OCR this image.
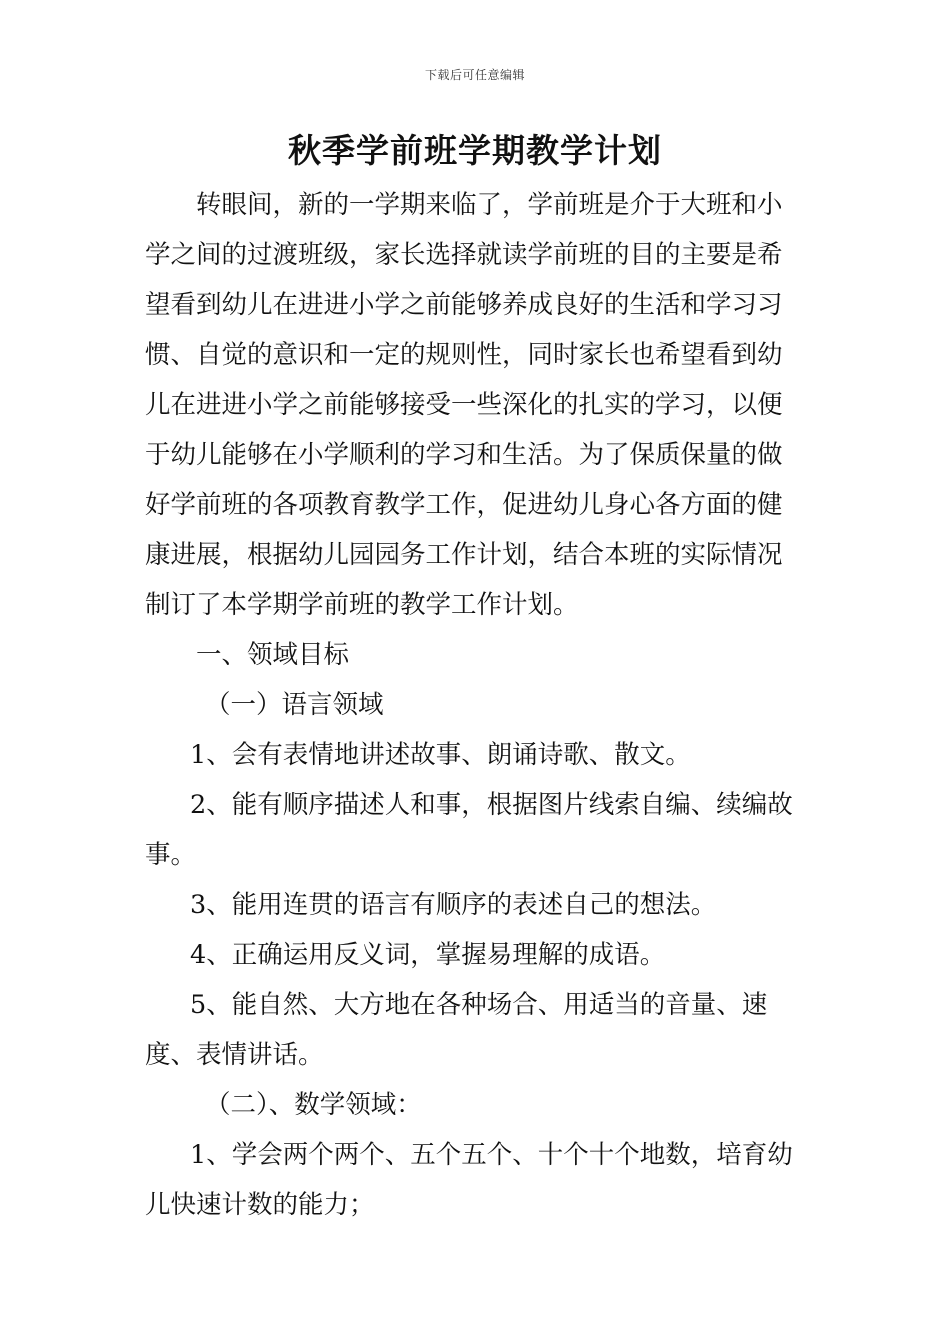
下载后可任意编辑
秋季学前班学期教学计划

转眼间，新的一学期来临了，学前班是介于大班和小学之间的过渡班级，家长选择就读学前班的目的主要是希望看到幼儿在进进小学之前能够养成良好的生活和学习习惯、自觉的意识和一定的规则性，同时家长也希望看到幼儿在进进小学之前能够接受一些深化的扎实的学习，以便于幼儿能够在小学顺利的学习和生活。为了保质保量的做好学前班的各项教育教学工作，促进幼儿身心各方面的健康进展，根据幼儿园园务工作计划，结合本班的实际情况制订了本学期学前班的教学工作计划。

一、领域目标

（一）语言领域

1、会有表情地讲述故事、朗诵诗歌、散文。

2、能有顺序描述人和事，根据图片线索自编、续编故事。

3、能用连贯的语言有顺序的表述自己的想法。

4、正确运用反义词，掌握易理解的成语。

5、能自然、大方地在各种场合、用适当的音量、速度、表情讲话。

（二）、数学领域：

1、学会两个两个、五个五个、十个十个地数，培育幼儿快速计数的能力；
